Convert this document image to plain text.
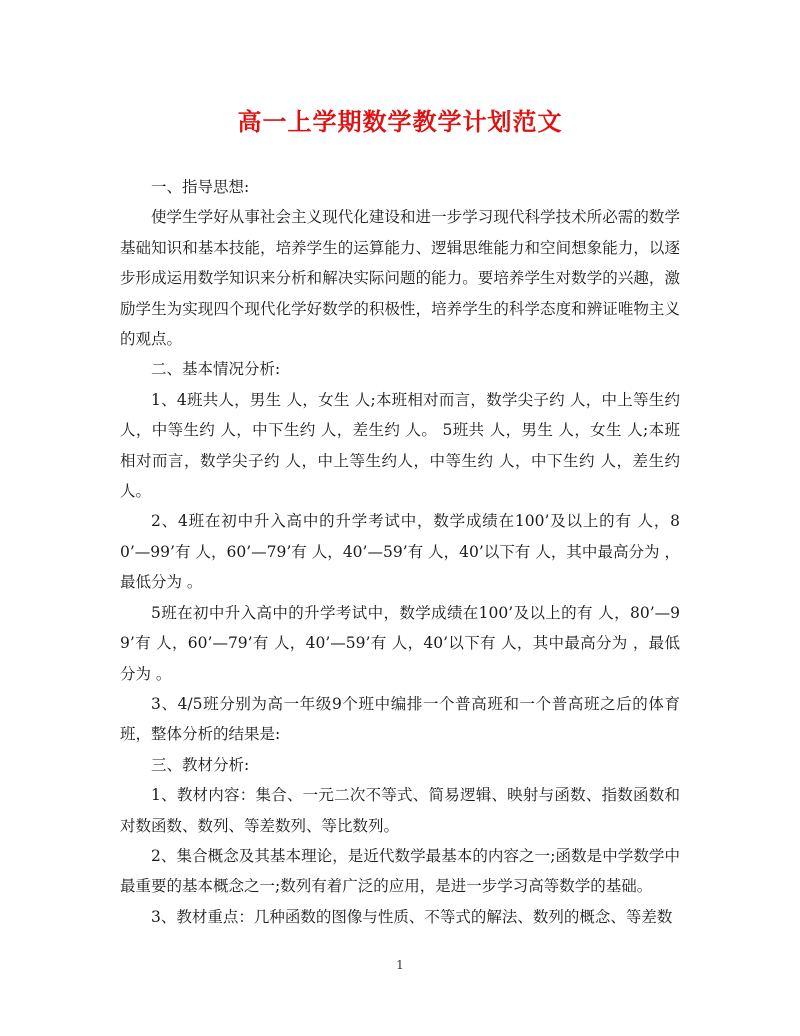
高一上学期数学教学计划范文

一、指导思想:

使学生学好从事社会主义现代化建设和进一步学习现代科学技术所必需的数学基础知识和基本技能，培养学生的运算能力、逻辑思维能力和空间想象能力，以逐步形成运用数学知识来分析和解决实际问题的能力。要培养学生对数学的兴趣，激励学生为实现四个现代化学好数学的积极性，培养学生的科学态度和辨证唯物主义的观点。

二、基本情况分析:

1、4班共人，男生 人，女生 人;本班相对而言，数学尖子约 人，中上等生约 人，中等生约 人，中下生约 人，差生约 人。 5班共 人，男生 人，女生 人;本班相对而言，数学尖子约 人，中上等生约人，中等生约 人，中下生约 人，差生约 人。

2、4班在初中升入高中的升学考试中，数学成绩在100’及以上的有 人，80’—99’有 人，60’—79’有 人，40’—59’有 人，40’以下有 人，其中最高分为 ，最低分为 。

5班在初中升入高中的升学考试中，数学成绩在100’及以上的有 人，80’—99’有 人，60’—79’有 人，40’—59’有 人，40’以下有 人，其中最高分为 ，最低分为 。

3、4/5班分别为高一年级9个班中编排一个普高班和一个普高班之后的体育班，整体分析的结果是:

三、教材分析:

1、教材内容：集合、一元二次不等式、简易逻辑、映射与函数、指数函数和对数函数、数列、等差数列、等比数列。

2、集合概念及其基本理论，是近代数学最基本的内容之一;函数是中学数学中最重要的基本概念之一;数列有着广泛的应用，是进一步学习高等数学的基础。

3、教材重点：几种函数的图像与性质、不等式的解法、数列的概念、等差数

1
